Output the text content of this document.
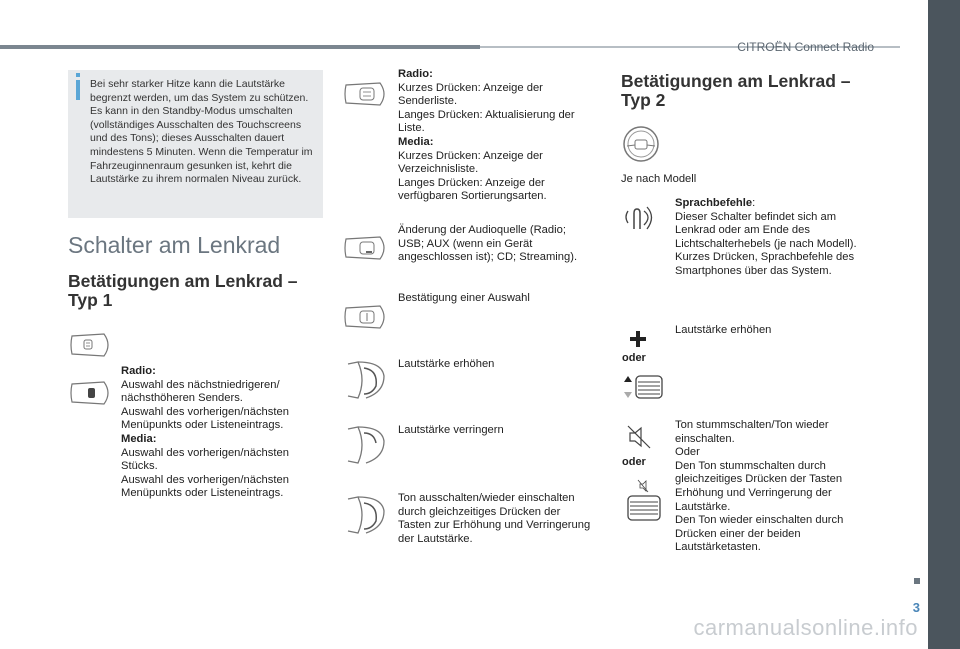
CITROËN Connect Radio
Bei sehr starker Hitze kann die Lautstärke begrenzt werden, um das System zu schützen. Es kann in den Standby-Modus umschalten (vollständiges Ausschalten des Touchscreens und des Tons); dieses Ausschalten dauert mindestens 5 Minuten. Wenn die Temperatur im Fahrzeuginnenraum gesunken ist, kehrt die Lautstärke zu ihrem normalen Niveau zurück.
Schalter am Lenkrad
Betätigungen am Lenkrad –
Typ 1
Radio:
Auswahl des nächstniedrigeren/ nächsthöheren Senders.
Auswahl des vorherigen/nächsten Menüpunkts oder Listeneintrags.
Media:
Auswahl des vorherigen/nächsten Stücks.
Auswahl des vorherigen/nächsten Menüpunkts oder Listeneintrags.
Radio:
Kurzes Drücken: Anzeige der Senderliste.
Langes Drücken: Aktualisierung der Liste.
Media:
Kurzes Drücken: Anzeige der Verzeichnisliste.
Langes Drücken: Anzeige der verfügbaren Sortierungsarten.
Änderung der Audioquelle (Radio; USB; AUX (wenn ein Gerät angeschlossen ist); CD; Streaming).
Bestätigung einer Auswahl
Lautstärke erhöhen
Lautstärke verringern
Ton ausschalten/wieder einschalten durch gleichzeitiges Drücken der Tasten zur Erhöhung und Verringerung der Lautstärke.
Betätigungen am Lenkrad –
Typ 2
Je nach Modell
Sprachbefehle:
Dieser Schalter befindet sich am Lenkrad oder am Ende des Lichtschalterhebels (je nach Modell).
Kurzes Drücken, Sprachbefehle des Smartphones über das System.
oder
Lautstärke erhöhen
oder
Ton stummschalten/Ton wieder einschalten.
Oder
Den Ton stummschalten durch gleichzeitiges Drücken der Tasten Erhöhung und Verringerung der Lautstärke.
Den Ton wieder einschalten durch Drücken einer der beiden Lautstärketasten.
3
carmanualsonline.info
